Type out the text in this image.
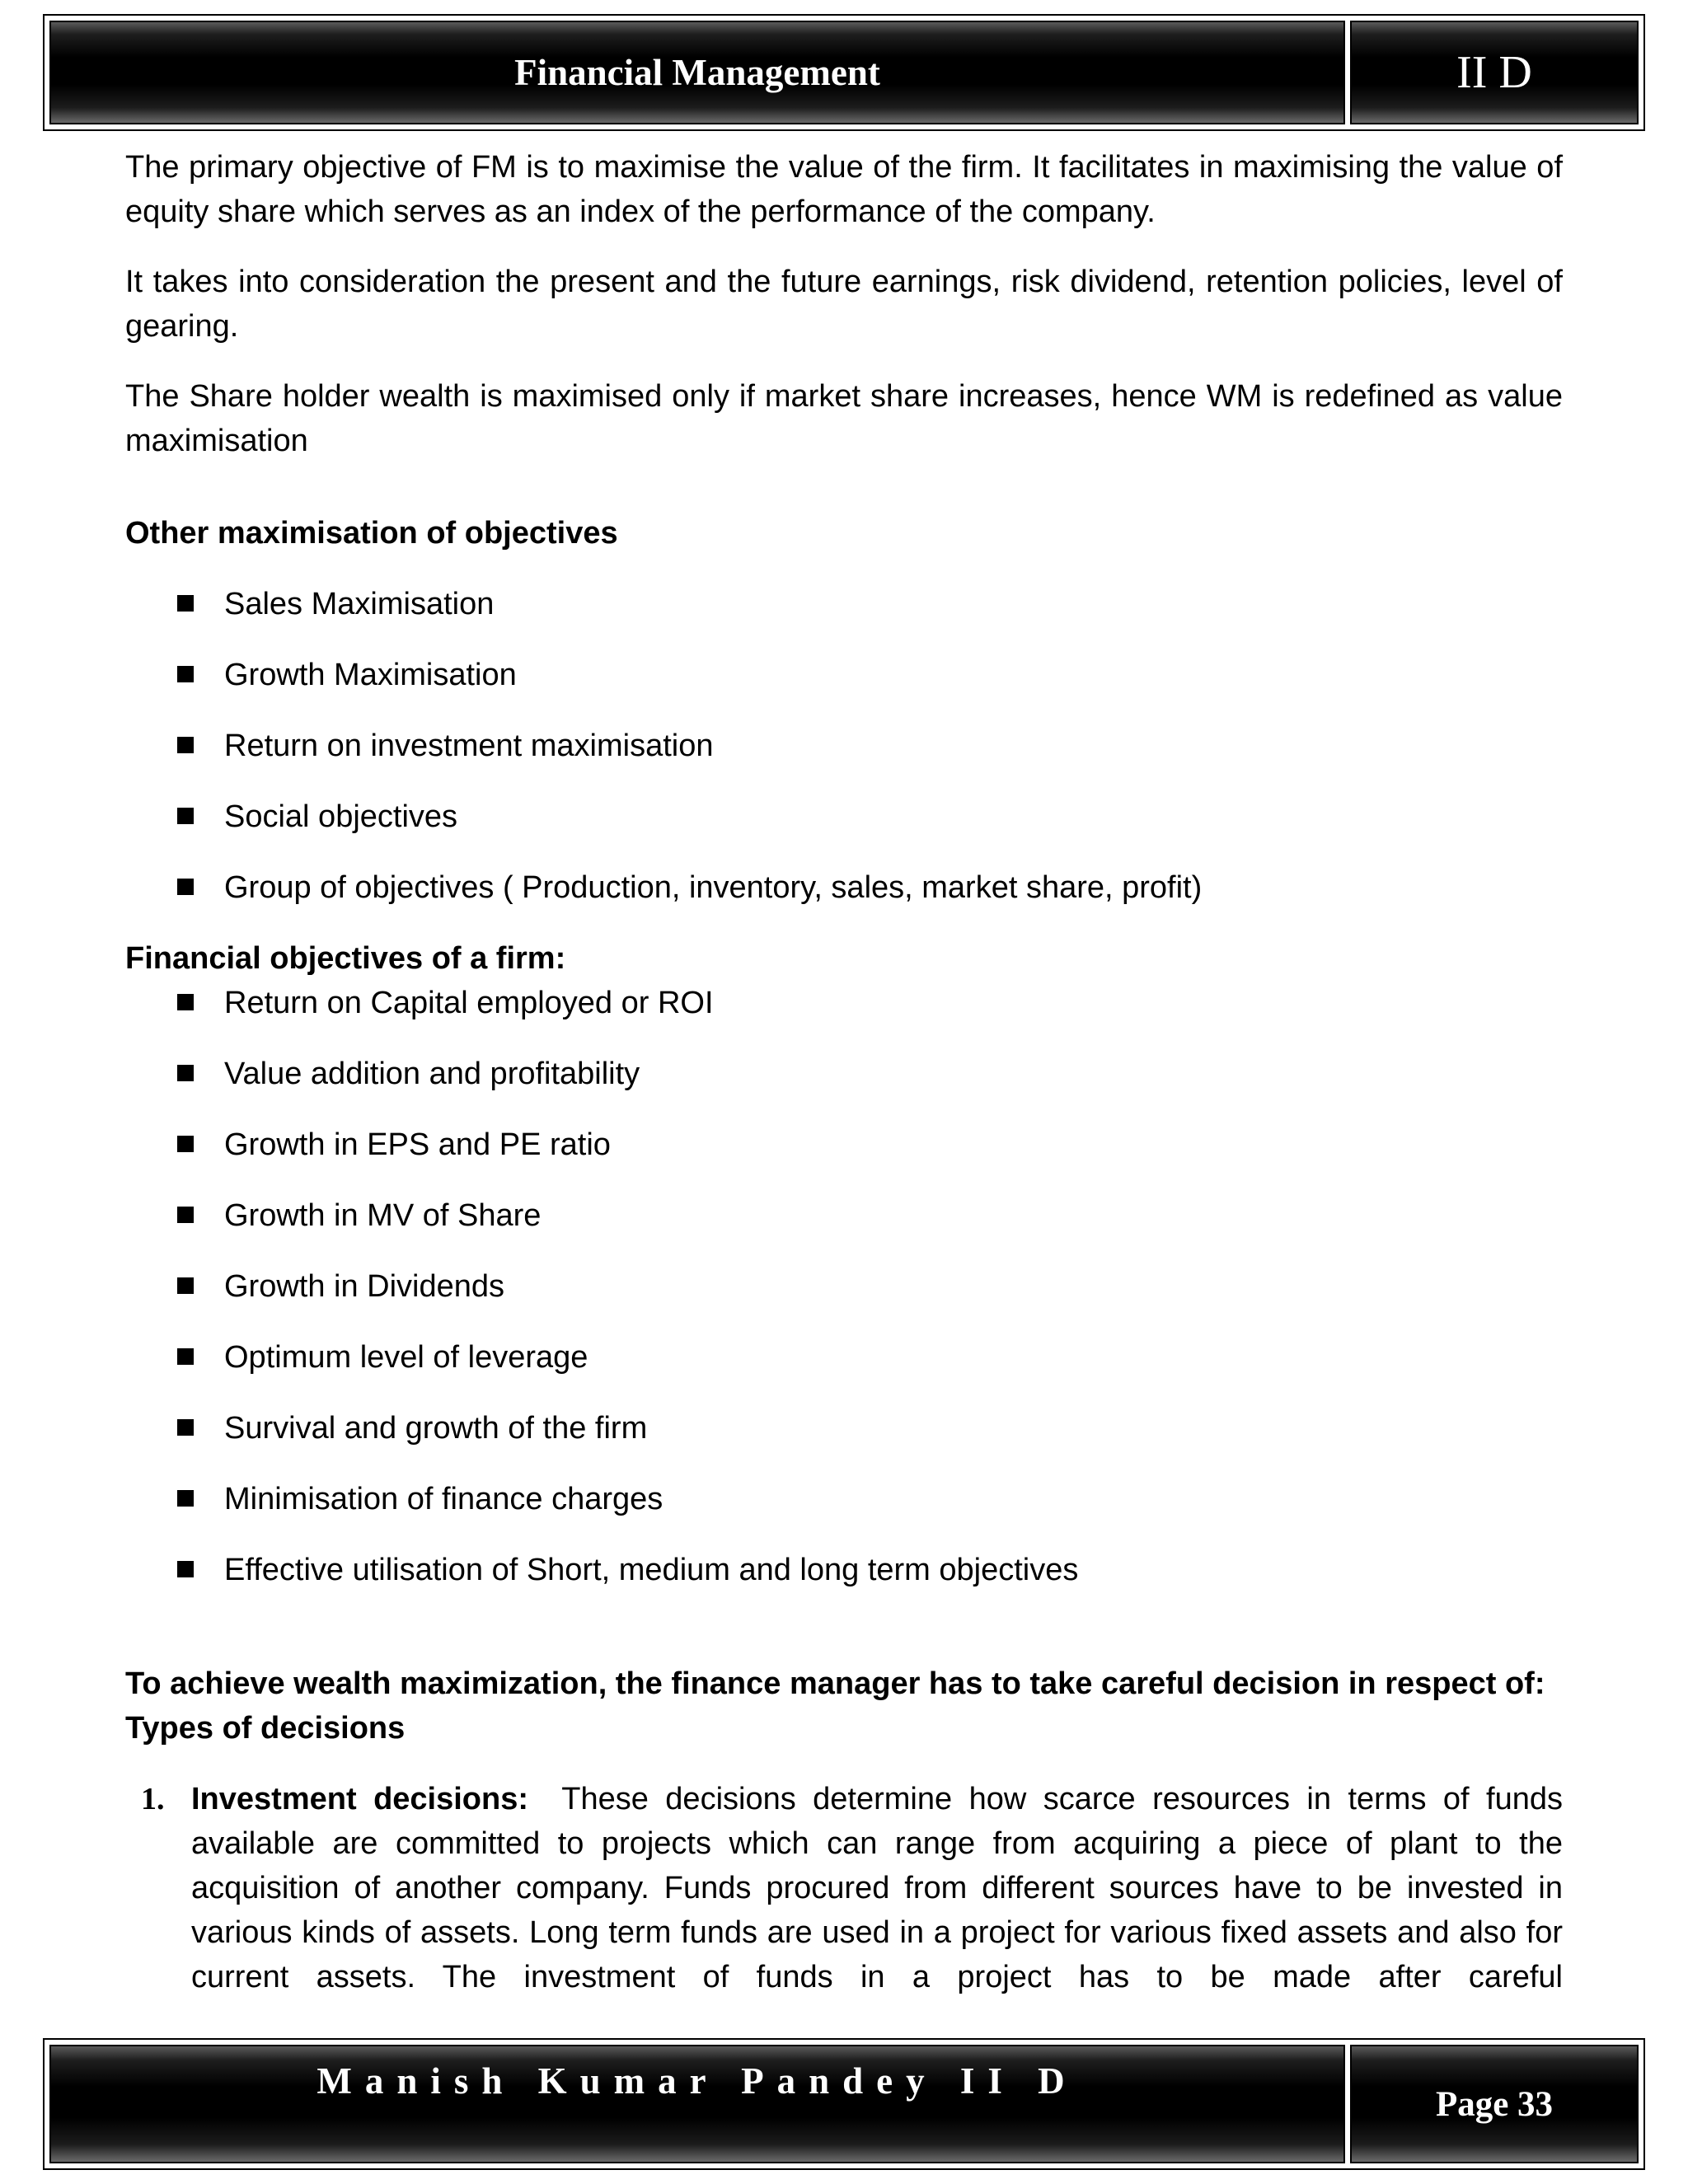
Financial Management	II D

The primary objective of FM is to maximise the value of the firm. It facilitates in maximising the value of equity share which serves as an index of the performance of the company.

It takes into consideration the present and the future earnings, risk dividend, retention policies, level of gearing.

The Share holder wealth is maximised only if market share increases, hence WM is redefined as value maximisation

Other maximisation of objectives

Sales Maximisation
Growth Maximisation
Return on investment maximisation
Social objectives
Group of objectives ( Production, inventory, sales, market share, profit)

Financial objectives of a firm:

Return on Capital employed or ROI
Value addition and profitability
Growth in EPS and PE ratio
Growth in MV of Share
Growth in Dividends
Optimum level of leverage
Survival and growth of the firm
Minimisation of finance charges
Effective utilisation of Short, medium and long term objectives

To achieve wealth maximization, the finance manager has to take careful decision in respect of:

Types of decisions

1. Investment decisions: These decisions determine how scarce resources in terms of funds available are committed to projects which can range from acquiring a piece of plant to the acquisition of another company. Funds procured from different sources have to be invested in various kinds of assets. Long term funds are used in a project for various fixed assets and also for current assets. The investment of funds in a project has to be made after careful
Manish Kumar Pandey II D
Page 33
